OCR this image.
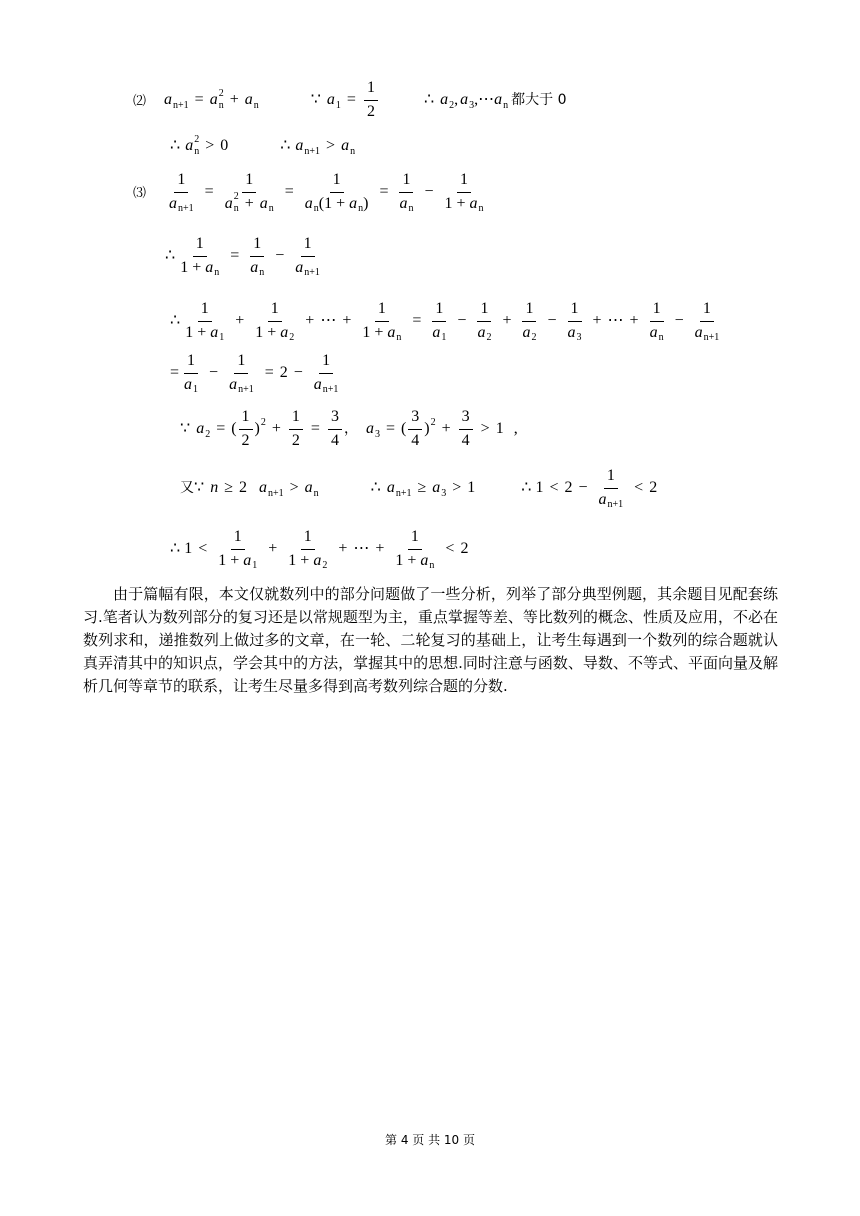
⑵ a n+1 = a 2
n + a n	∵ a $1 = \frac{1}{2}$	∴ a 2 , a 3 , ⋯ a n 都大于 0
∴ a 2
n > 0	∴ a n+1 > a n
⑶ $\frac{1}{\text{a n+1}} = 1$
a 2
n + a $n = \frac{1}{\text{a n ( 1 + a n )}} = \frac{1}{\text{a n}} - \frac{1}{\text{1 + a n}}$
∴ $\frac{1}{\text{1 + a n}} = \frac{1}{\text{a n}} - \frac{1}{\text{a n+1}}$
∴
1
1 + a 1
+ $\frac{1}{1 + a 2}$ + ⋯ + $\frac{1}{\text{1 + a n}} = \frac{1}{a 1} - \frac{1}{a 2} + \frac{1}{a 2} - \frac{1}{a 3}$ + ⋯ + $\frac{1}{\text{a n}} - \frac{1}{\text{a n+1}}$
= $\frac{1}{a 1} - \frac{1}{\text{a n+1}} = 2 - \frac{1}{\text{a n+1}}$
∵ a 2 = (
1
2
) $2 + \frac{1}{2} = \frac{3}{4}$ ， a 3 = (
3
4
) $2 + \frac{3}{4} > 1$ ,
又 ∵ n ≥ 2 a n+1 > a n	∴ a n+1 ≥ a 3 > 1	∴ $1 < 2 - \frac{1}{\text{a n+1}} < 2$
∴ 1 <
1
1 + a 1
+ $\frac{1}{1 + a 2}$ + ⋯ + $\frac{1}{\text{1 + a n}} < 2$
由于篇幅有限，本文仅就数列中的部分问题做了一些分析，列举了部分典型例题，其余题目见配套练习.笔者认为数列部分的复习还是以常规题型为主，重点掌握等差、等比数列的概念、性质及应用，不必在数列求和，递推数列上做过多的文章，在一轮、二轮复习的基础上，让考生每遇到一个数列的综合题就认真弄清其中的知识点，学会其中的方法，掌握其中的思想.同时注意与函数、导数、不等式、平面向量及解析几何等章节的联系，让考生尽量多得到高考数列综合题的分数.
第 4 页 共 10 页
